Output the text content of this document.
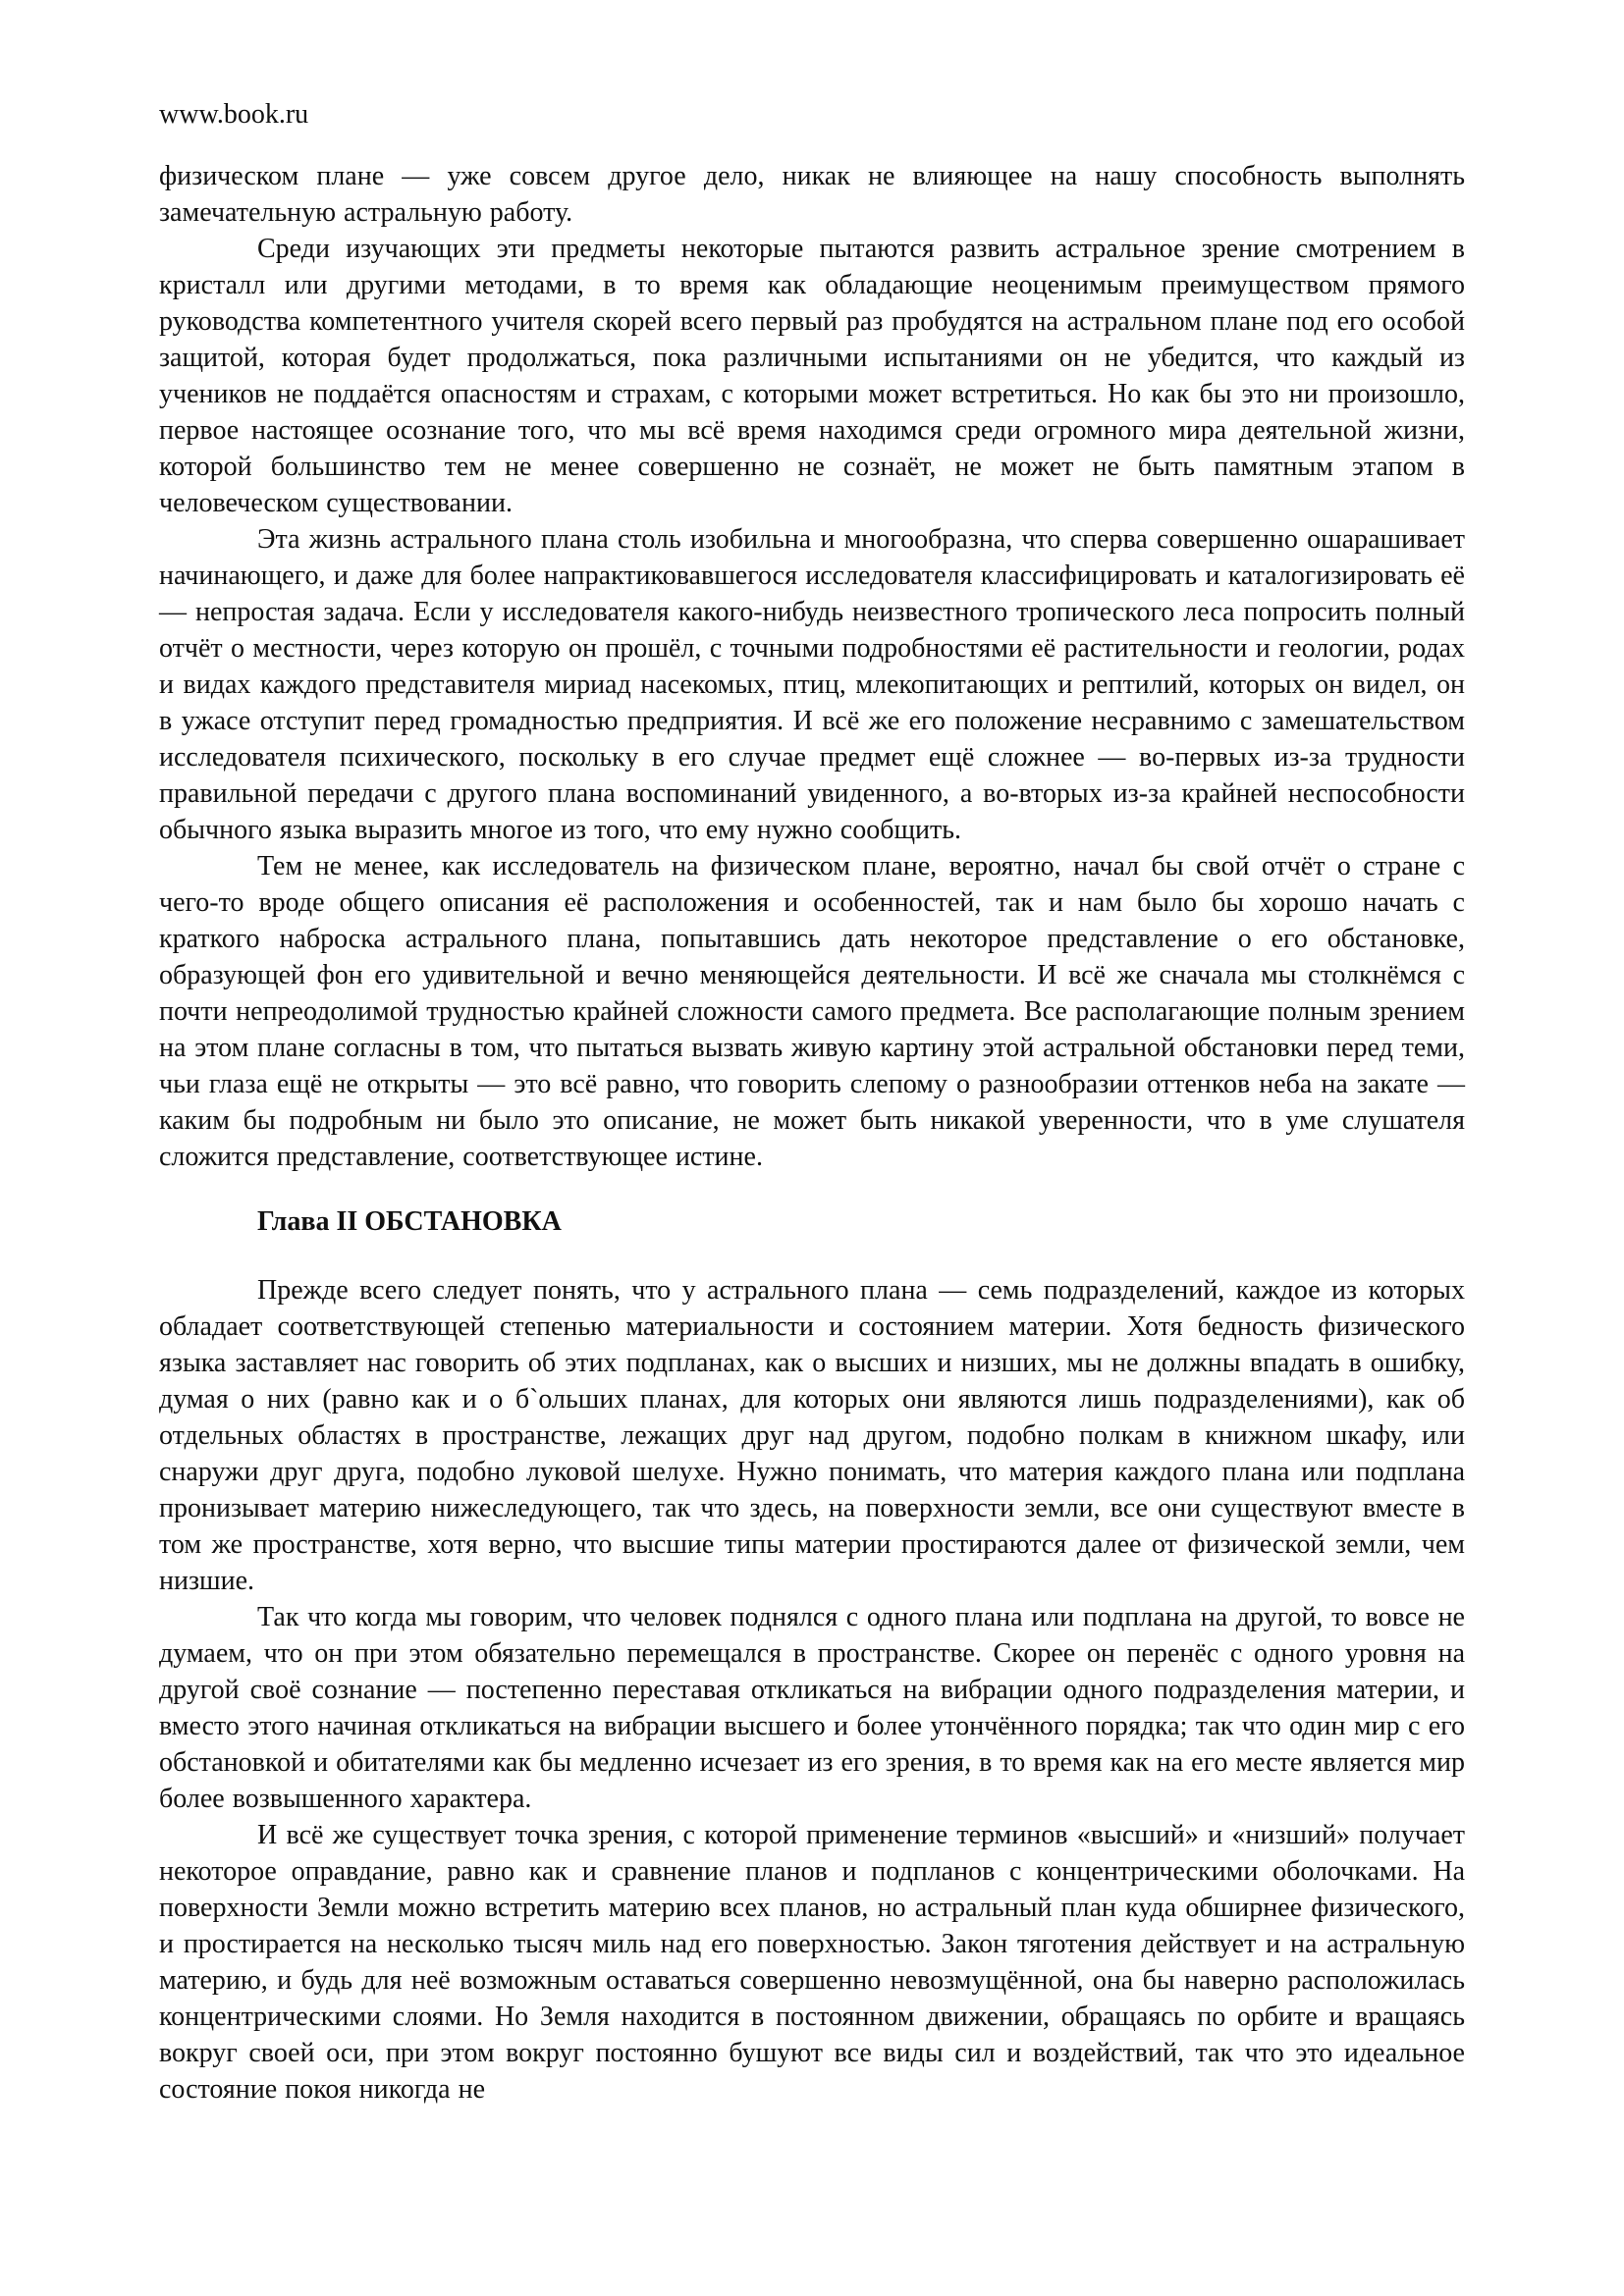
www.book.ru

физическом плане — уже совсем другое дело, никак не влияющее на нашу способность выполнять замечательную астральную работу.

Среди изучающих эти предметы некоторые пытаются развить астральное зрение смотрением в кристалл или другими методами, в то время как обладающие неоценимым преимуществом прямого руководства компетентного учителя скорей всего первый раз пробудятся на астральном плане под его особой защитой, которая будет продолжаться, пока различными испытаниями он не убедится, что каждый из учеников не поддаётся опасностям и страхам, с которыми может встретиться. Но как бы это ни произошло, первое настоящее осознание того, что мы всё время находимся среди огромного мира деятельной жизни, которой большинство тем не менее совершенно не сознаёт, не может не быть памятным этапом в человеческом существовании.

Эта жизнь астрального плана столь изобильна и многообразна, что сперва совершенно ошарашивает начинающего, и даже для более напрактиковавшегося исследователя классифицировать и каталогизировать её — непростая задача. Если у исследователя какого-нибудь неизвестного тропического леса попросить полный отчёт о местности, через которую он прошёл, с точными подробностями её растительности и геологии, родах и видах каждого представителя мириад насекомых, птиц, млекопитающих и рептилий, которых он видел, он в ужасе отступит перед громадностью предприятия. И всё же его положение несравнимо с замешательством исследователя психического, поскольку в его случае предмет ещё сложнее — во-первых из-за трудности правильной передачи с другого плана воспоминаний увиденного, а во-вторых из-за крайней неспособности обычного языка выразить многое из того, что ему нужно сообщить.

Тем не менее, как исследователь на физическом плане, вероятно, начал бы свой отчёт о стране с чего-то вроде общего описания её расположения и особенностей, так и нам было бы хорошо начать с краткого наброска астрального плана, попытавшись дать некоторое представление о его обстановке, образующей фон его удивительной и вечно меняющейся деятельности. И всё же сначала мы столкнёмся с почти непреодолимой трудностью крайней сложности самого предмета. Все располагающие полным зрением на этом плане согласны в том, что пытаться вызвать живую картину этой астральной обстановки перед теми, чьи глаза ещё не открыты — это всё равно, что говорить слепому о разнообразии оттенков неба на закате — каким бы подробным ни было это описание, не может быть никакой уверенности, что в уме слушателя сложится представление, соответствующее истине.

Глава II ОБСТАНОВКА

Прежде всего следует понять, что у астрального плана — семь подразделений, каждое из которых обладает соответствующей степенью материальности и состоянием материи. Хотя бедность физического языка заставляет нас говорить об этих подпланах, как о высших и низших, мы не должны впадать в ошибку, думая о них (равно как и о б`ольших планах, для которых они являются лишь подразделениями), как об отдельных областях в пространстве, лежащих друг над другом, подобно полкам в книжном шкафу, или снаружи друг друга, подобно луковой шелухе. Нужно понимать, что материя каждого плана или подплана пронизывает материю нижеследующего, так что здесь, на поверхности земли, все они существуют вместе в том же пространстве, хотя верно, что высшие типы материи простираются далее от физической земли, чем низшие.

Так что когда мы говорим, что человек поднялся с одного плана или подплана на другой, то вовсе не думаем, что он при этом обязательно перемещался в пространстве. Скорее он перенёс с одного уровня на другой своё сознание — постепенно переставая откликаться на вибрации одного подразделения материи, и вместо этого начиная откликаться на вибрации высшего и более утончённого порядка; так что один мир с его обстановкой и обитателями как бы медленно исчезает из его зрения, в то время как на его месте является мир более возвышенного характера.

И всё же существует точка зрения, с которой применение терминов «высший» и «низший» получает некоторое оправдание, равно как и сравнение планов и подпланов с концентрическими оболочками. На поверхности Земли можно встретить материю всех планов, но астральный план куда обширнее физического, и простирается на несколько тысяч миль над его поверхностью. Закон тяготения действует и на астральную материю, и будь для неё возможным оставаться совершенно невозмущённой, она бы наверно расположилась концентрическими слоями. Но Земля находится в постоянном движении, обращаясь по орбите и вращаясь вокруг своей оси, при этом вокруг постоянно бушуют все виды сил и воздействий, так что это идеальное состояние покоя никогда не
